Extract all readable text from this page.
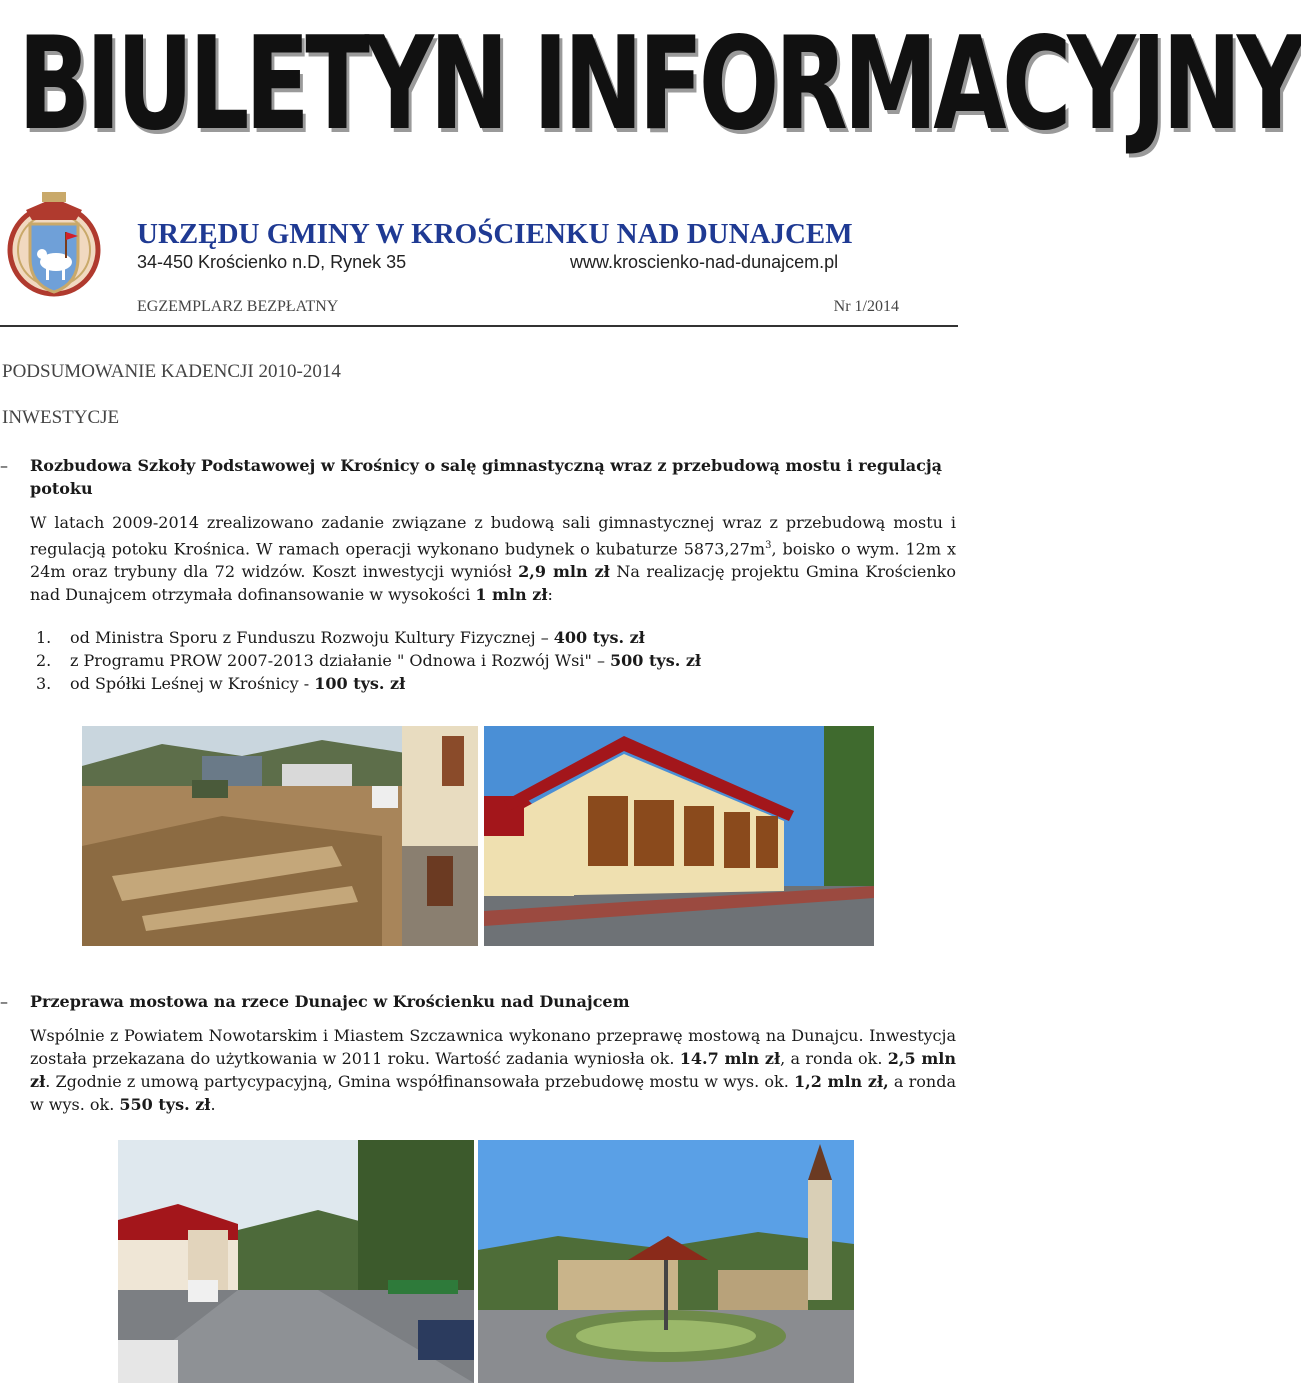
BIULETYN INFORMACYJNY
URZĘDU GMINY W KROŚCIENKU NAD DUNAJCEM
34-450 Krościenko n.D, Rynek 35	www.kroscienko-nad-dunajcem.pl
EGZEMPLARZ BEZPŁATNY	Nr 1/2014
PODSUMOWANIE KADENCJI 2010-2014
INWESTYCJE
–	Rozbudowa Szkoły Podstawowej w Krośnicy o salę gimnastyczną wraz z przebudową mostu i regulacją potoku
W latach 2009-2014 zrealizowano zadanie związane z budową sali gimnastycznej wraz z przebudową mostu i regulacją potoku Krośnica. W ramach operacji wykonano budynek o kubaturze $5873,27m^3$, boisko o wym. 12m x 24m oraz trybuny dla 72 widzów. Koszt inwestycji wyniósł 2,9 mln zł Na realizację projektu Gmina Krościenko nad Dunajcem otrzymała dofinansowanie w wysokości 1 mln zł:
1. od Ministra Sporu z Funduszu Rozwoju Kultury Fizycznej – 400 tys. zł
2. z Programu PROW 2007-2013 działanie " Odnowa i Rozwój Wsi" – 500 tys. zł
3. od Spółki Leśnej w Krośnicy - 100 tys. zł
–	Przeprawa mostowa na rzece Dunajec w Krościenku nad Dunajcem
Wspólnie z Powiatem Nowotarskim i Miastem Szczawnica wykonano przeprawę mostową na Dunajcu. Inwestycja została przekazana do użytkowania w 2011 roku. Wartość zadania wyniosła ok. 14.7 mln zł, a ronda ok. 2,5 mln zł. Zgodnie z umową partycypacyjną, Gmina współfinansowała przebudowę mostu w wys. ok. 1,2 mln zł, a ronda w wys. ok. 550 tys. zł.
